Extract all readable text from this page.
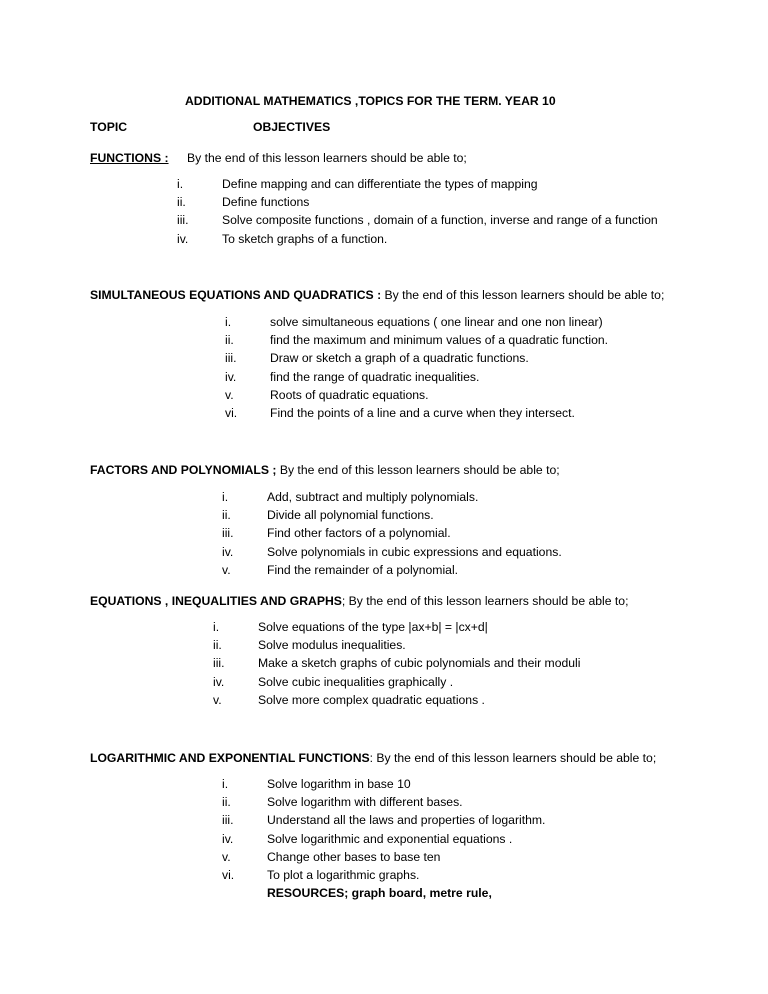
ADDITIONAL MATHEMATICS ,TOPICS FOR THE TERM. YEAR 10
TOPIC	OBJECTIVES
FUNCTIONS : By the end of this lesson learners should be able to;
i.	Define mapping and can differentiate the types of mapping
ii.	Define functions
iii.	Solve composite functions , domain of a function, inverse and range of a function
iv.	To sketch graphs of a function.
SIMULTANEOUS EQUATIONS AND QUADRATICS : By the end of this lesson learners should be able to;
i.	solve simultaneous equations ( one linear and one non linear)
ii.	find the maximum and minimum values of a quadratic function.
iii.	Draw or sketch a graph of a quadratic functions.
iv.	find the range of quadratic inequalities.
v.	Roots of quadratic equations.
vi.	Find the points of a line and a curve when they intersect.
FACTORS AND POLYNOMIALS ; By the end of this lesson learners should be able to;
i.	Add, subtract and multiply polynomials.
ii.	Divide all polynomial functions.
iii.	Find other factors of a polynomial.
iv.	Solve polynomials in cubic expressions and equations.
v.	Find the remainder of a polynomial.
EQUATIONS , INEQUALITIES AND GRAPHS; By the end of this lesson learners should be able to;
i.	Solve equations of the type |ax+b| = |cx+d|
ii.	Solve modulus inequalities.
iii.	Make a sketch graphs of cubic polynomials and their moduli
iv.	Solve cubic inequalities graphically .
v.	Solve more complex quadratic equations .
LOGARITHMIC AND EXPONENTIAL FUNCTIONS: By the end of this lesson learners should be able to;
i.	Solve logarithm in base 10
ii.	Solve logarithm with different bases.
iii.	Understand all the laws and properties of logarithm.
iv.	Solve logarithmic and exponential equations .
v.	Change other bases to base ten
vi.	To plot a logarithmic graphs.
RESOURCES; graph board, metre rule,
